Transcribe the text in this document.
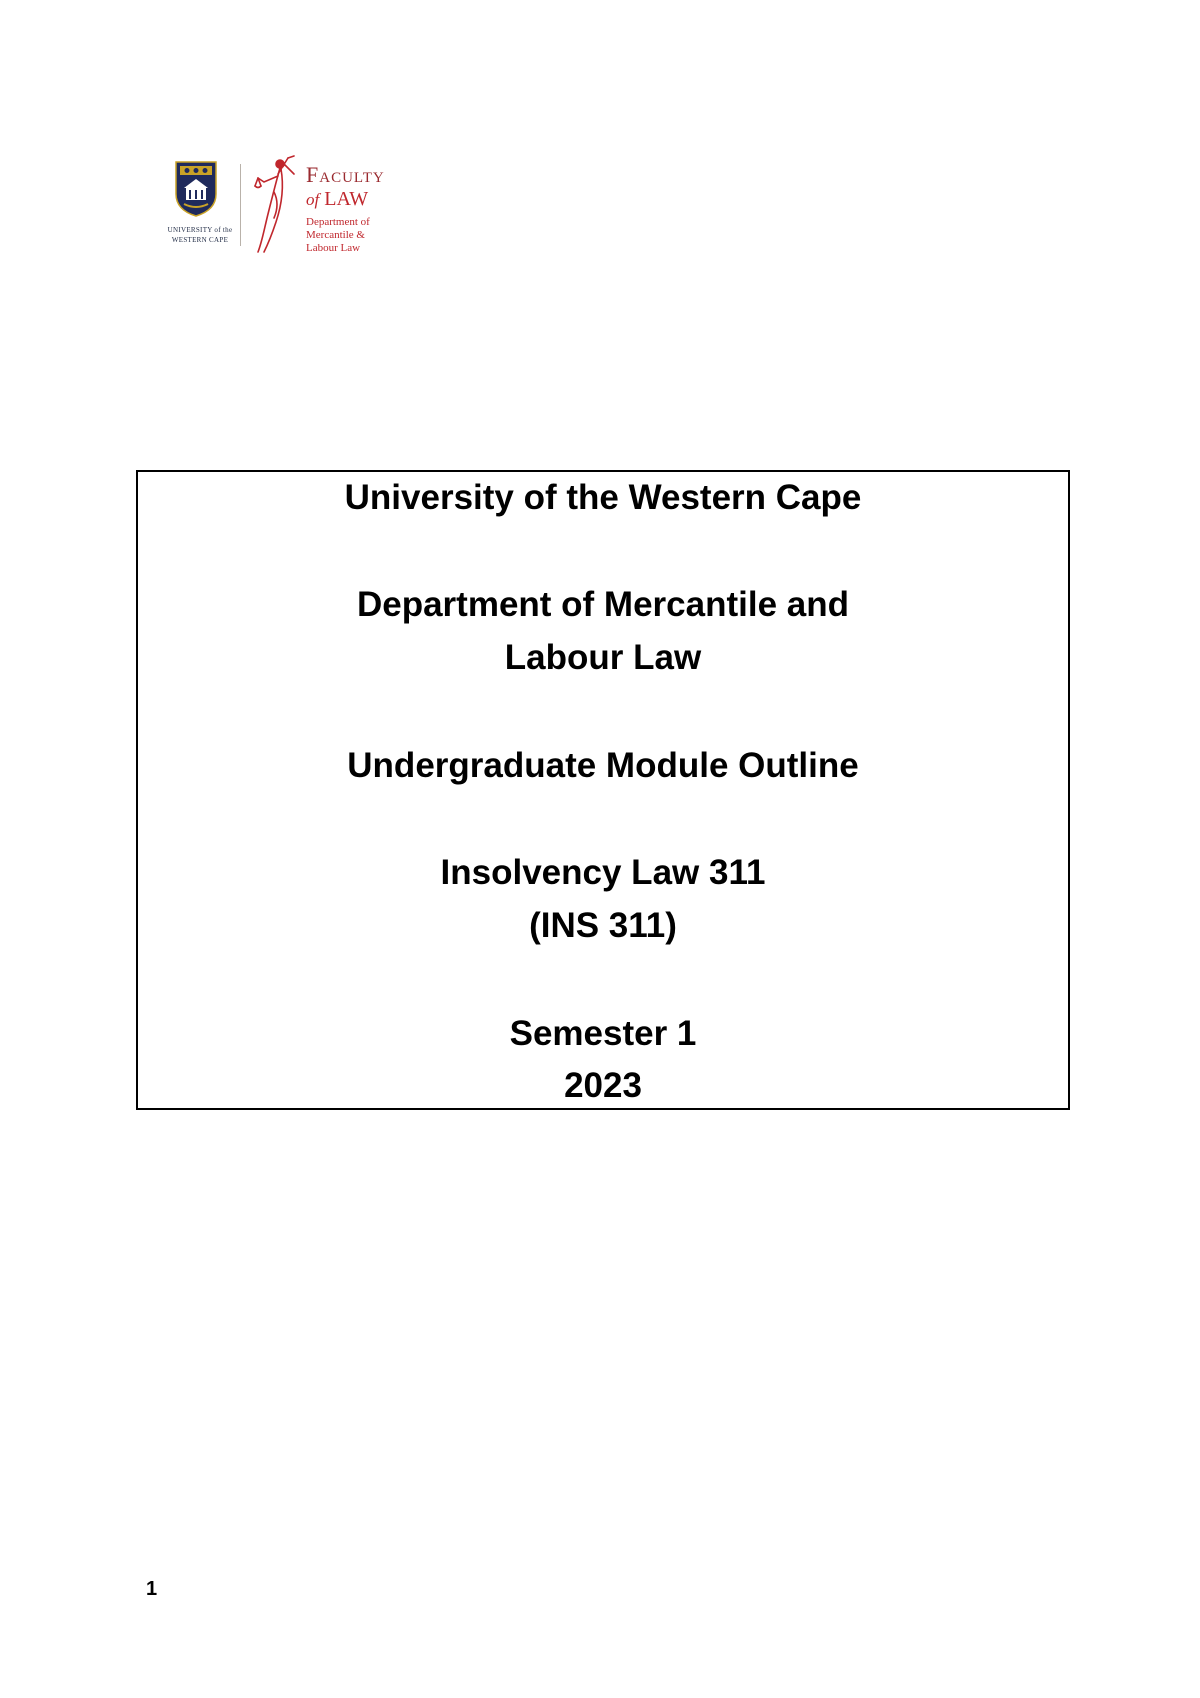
UNIVERSITY of the
WESTERN CAPE
Faculty
of LAW
Department of
Mercantile &
Labour Law
University of the Western Cape
Department of Mercantile and
Labour Law
Undergraduate Module Outline
Insolvency Law 311
(INS 311)
Semester 1
2023
1
